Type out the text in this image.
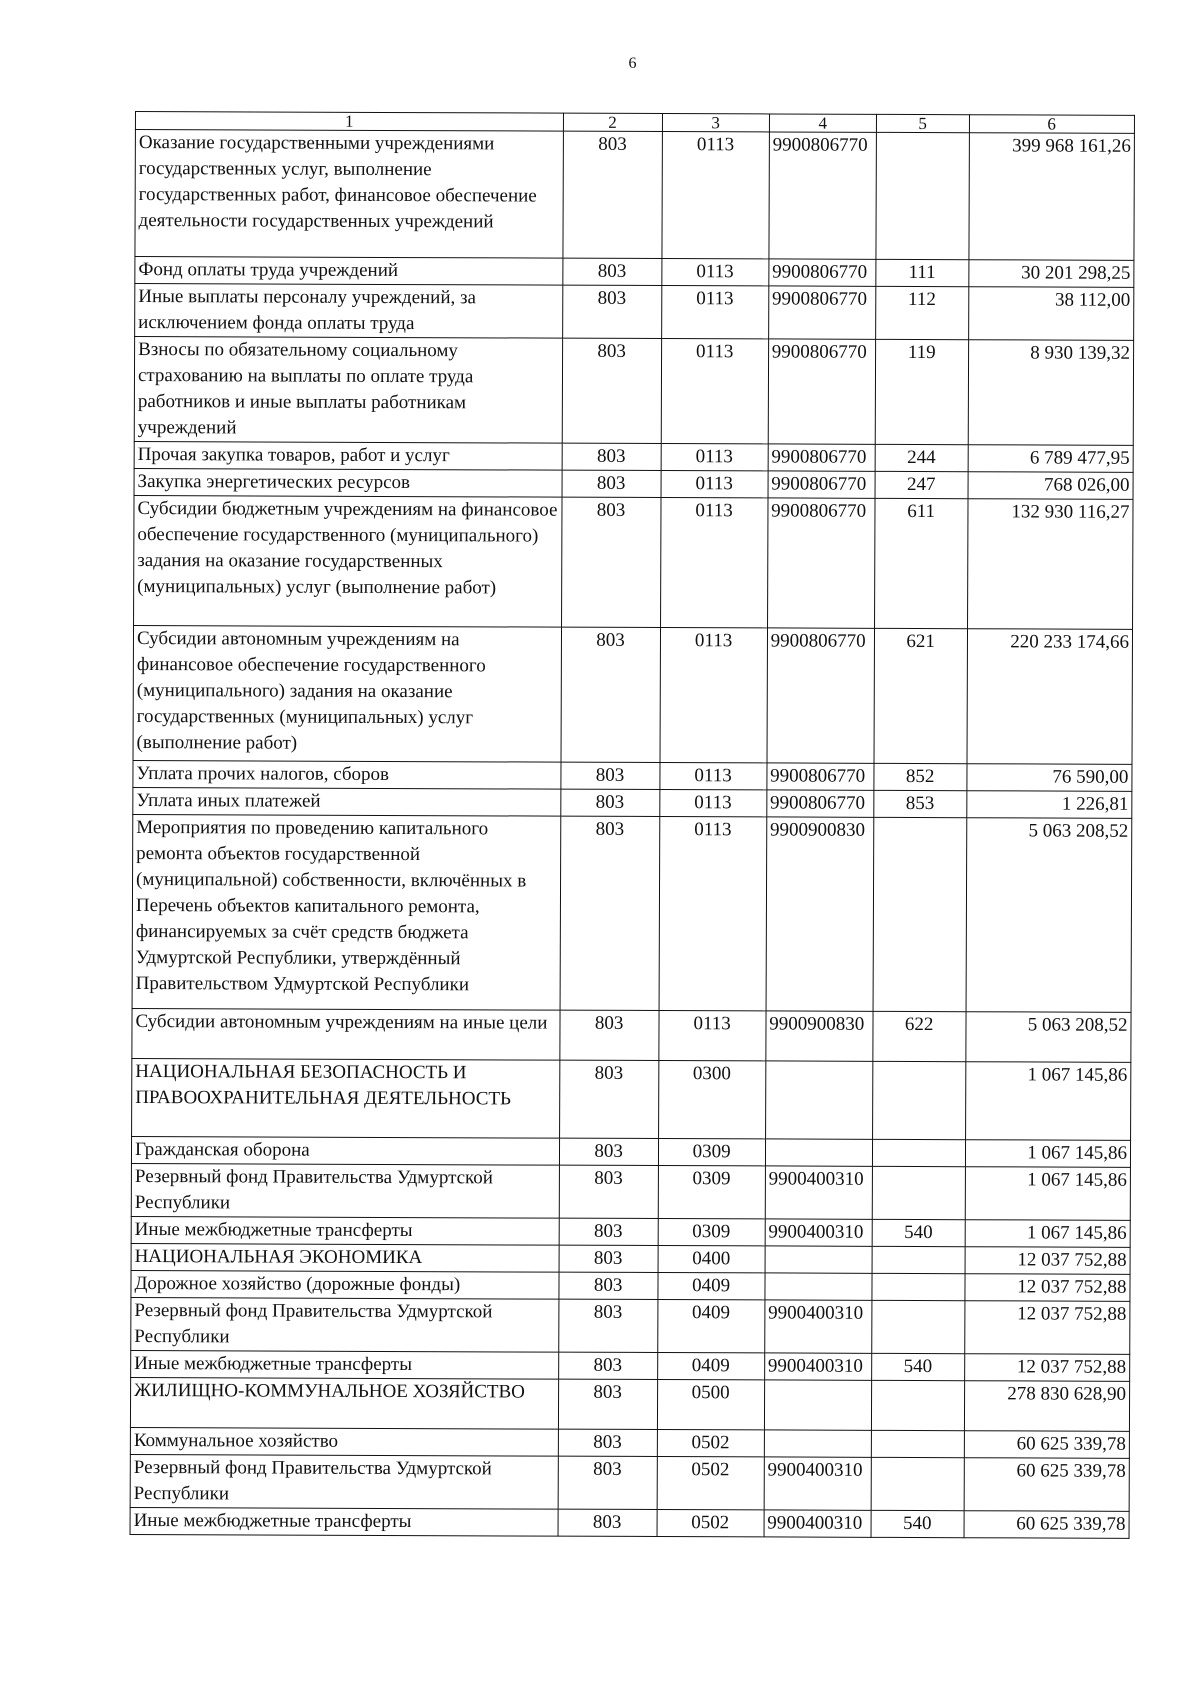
6
1	2	3	4	5	6
Оказание государственными учреждениями государственных услуг, выполнение государственных работ, финансовое обеспечение деятельности государственных учреждений	803	0113	9900806770		399 968 161,26
Фонд оплаты труда учреждений	803	0113	9900806770	111	30 201 298,25
Иные выплаты персоналу учреждений, за исключением фонда оплаты труда	803	0113	9900806770	112	38 112,00
Взносы по обязательному социальному страхованию на выплаты по оплате труда работников и иные выплаты работникам учреждений	803	0113	9900806770	119	8 930 139,32
Прочая закупка товаров, работ и услуг	803	0113	9900806770	244	6 789 477,95
Закупка энергетических ресурсов	803	0113	9900806770	247	768 026,00
Субсидии бюджетным учреждениям на финансовое обеспечение государственного (муниципального) задания на оказание государственных (муниципальных) услуг (выполнение работ)	803	0113	9900806770	611	132 930 116,27
Субсидии автономным учреждениям на финансовое обеспечение государственного (муниципального) задания на оказание государственных (муниципальных) услуг (выполнение работ)	803	0113	9900806770	621	220 233 174,66
Уплата прочих налогов, сборов	803	0113	9900806770	852	76 590,00
Уплата иных платежей	803	0113	9900806770	853	1 226,81
Мероприятия по проведению капитального ремонта объектов государственной (муниципальной) собственности, включённых в Перечень объектов капитального ремонта, финансируемых за счёт средств бюджета Удмуртской Республики, утверждённый Правительством Удмуртской Республики	803	0113	9900900830		5 063 208,52
Субсидии автономным учреждениям на иные цели	803	0113	9900900830	622	5 063 208,52
НАЦИОНАЛЬНАЯ БЕЗОПАСНОСТЬ И ПРАВООХРАНИТЕЛЬНАЯ ДЕЯТЕЛЬНОСТЬ	803	0300			1 067 145,86
Гражданская оборона	803	0309			1 067 145,86
Резервный фонд Правительства Удмуртской Республики	803	0309	9900400310		1 067 145,86
Иные межбюджетные трансферты	803	0309	9900400310	540	1 067 145,86
НАЦИОНАЛЬНАЯ ЭКОНОМИКА	803	0400			12 037 752,88
Дорожное хозяйство (дорожные фонды)	803	0409			12 037 752,88
Резервный фонд Правительства Удмуртской Республики	803	0409	9900400310		12 037 752,88
Иные межбюджетные трансферты	803	0409	9900400310	540	12 037 752,88
ЖИЛИЩНО-КОММУНАЛЬНОЕ ХОЗЯЙСТВО	803	0500			278 830 628,90
Коммунальное хозяйство	803	0502			60 625 339,78
Резервный фонд Правительства Удмуртской Республики	803	0502	9900400310		60 625 339,78
Иные межбюджетные трансферты	803	0502	9900400310	540	60 625 339,78
